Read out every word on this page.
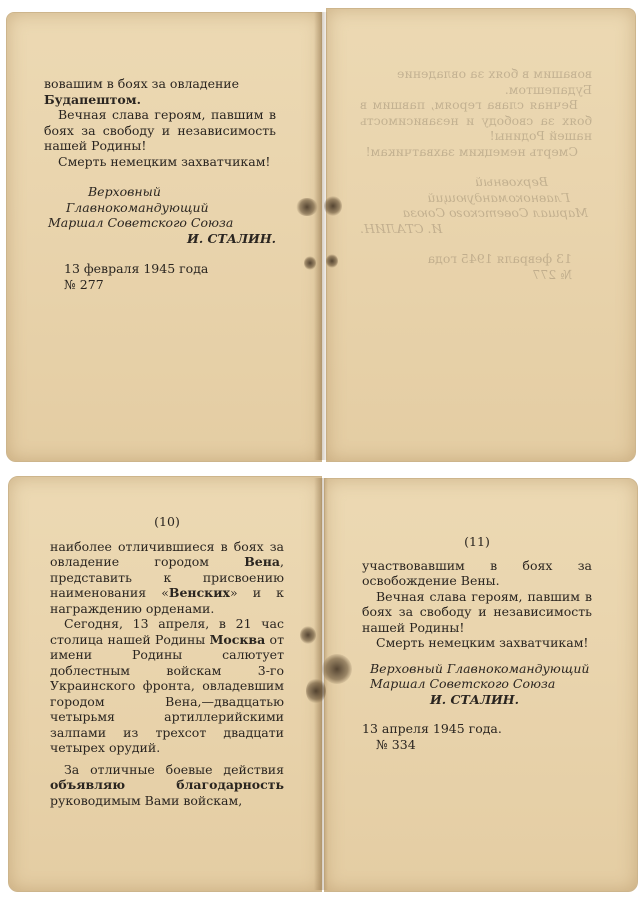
вовашим в боях за овладение

Будапештом.

Вечная слава героям, павшим в боях за свободу и независимость нашей Родины!

Смерть немецким захватчикам!

Верховный
Главнокомандующий
Маршал Советского Союза
И. СТАЛИН.
13 февраля 1945 года
№ 277

вовашим в боях за овладение

Будапештом.

Вечная слава героям, павшим в боях за свободу и независимость нашей Родины!

Смерть немецким захватчикам!

Верховный
Главнокомандующий
Маршал Советского Союза
И. СТАЛИН.
13 февраля 1945 года
№ 277
(10)

наиболее отличившиеся в боях за овладение городом Вена, представить к присвоению наименования «Венских» и к награждению орденами.

Сегодня, 13 апреля, в 21 час столица нашей Родины Москва от имени Родины салютует доблестным войскам 3-го Украинского фронта, овладевшим городом Вена,—двадцатью четырьмя артиллерийскими залпами из трехсот двадцати четырех орудий.

За отличные боевые действия объявляю благодарность руководимым Вами войскам,

(11)

участвовавшим в боях за освобождение Вены.

Вечная слава героям, павшим в боях за свободу и независимость нашей Родины!

Смерть немецким захватчикам!

Верховный Главнокомандующий Маршал Советского Союза
И. СТАЛИН.
13 апреля 1945 года.
№ 334
